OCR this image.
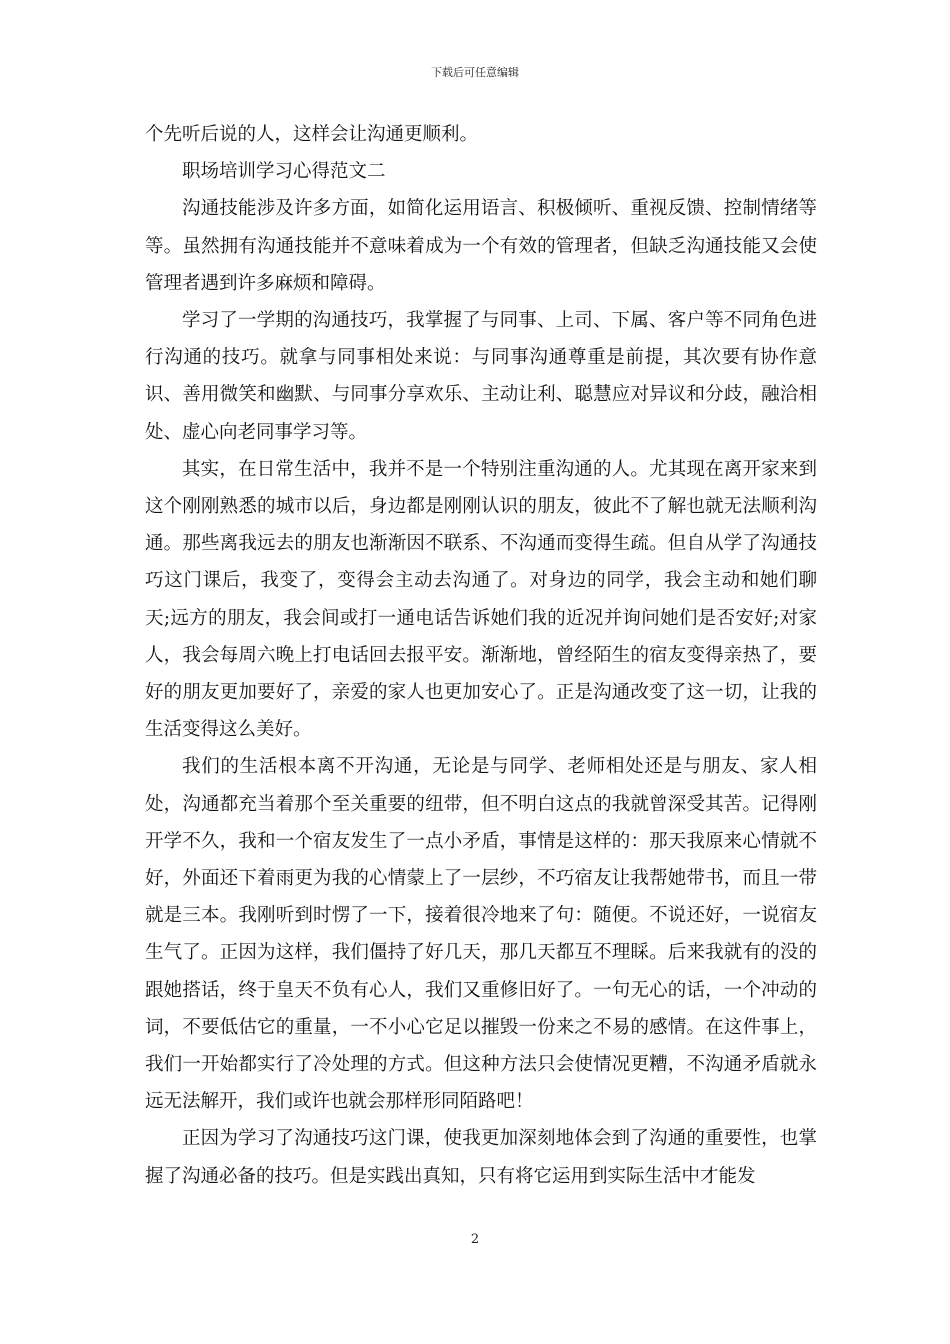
下载后可任意编辑

个先听后说的人，这样会让沟通更顺利。

职场培训学习心得范文二

沟通技能涉及许多方面，如简化运用语言、积极倾听、重视反馈、控制情绪等等。虽然拥有沟通技能并不意味着成为一个有效的管理者，但缺乏沟通技能又会使管理者遇到许多麻烦和障碍。

学习了一学期的沟通技巧，我掌握了与同事、上司、下属、客户等不同角色进行沟通的技巧。就拿与同事相处来说：与同事沟通尊重是前提，其次要有协作意识、善用微笑和幽默、与同事分享欢乐、主动让利、聪慧应对异议和分歧，融洽相处、虚心向老同事学习等。

其实，在日常生活中，我并不是一个特别注重沟通的人。尤其现在离开家来到这个刚刚熟悉的城市以后，身边都是刚刚认识的朋友，彼此不了解也就无法顺利沟通。那些离我远去的朋友也渐渐因不联系、不沟通而变得生疏。但自从学了沟通技巧这门课后，我变了，变得会主动去沟通了。对身边的同学，我会主动和她们聊天;远方的朋友，我会间或打一通电话告诉她们我的近况并询问她们是否安好;对家人，我会每周六晚上打电话回去报平安。渐渐地，曾经陌生的宿友变得亲热了，要好的朋友更加要好了，亲爱的家人也更加安心了。正是沟通改变了这一切，让我的生活变得这么美好。

我们的生活根本离不开沟通，无论是与同学、老师相处还是与朋友、家人相处，沟通都充当着那个至关重要的纽带，但不明白这点的我就曾深受其苦。记得刚开学不久，我和一个宿友发生了一点小矛盾，事情是这样的：那天我原来心情就不好，外面还下着雨更为我的心情蒙上了一层纱，不巧宿友让我帮她带书，而且一带就是三本。我刚听到时愣了一下，接着很冷地来了句：随便。不说还好，一说宿友生气了。正因为这样，我们僵持了好几天，那几天都互不理睬。后来我就有的没的跟她搭话，终于皇天不负有心人，我们又重修旧好了。一句无心的话，一个冲动的词，不要低估它的重量，一不小心它足以摧毁一份来之不易的感情。在这件事上，我们一开始都实行了冷处理的方式。但这种方法只会使情况更糟，不沟通矛盾就永远无法解开，我们或许也就会那样形同陌路吧！

正因为学习了沟通技巧这门课，使我更加深刻地体会到了沟通的重要性，也掌握了沟通必备的技巧。但是实践出真知，只有将它运用到实际生活中才能发

2
